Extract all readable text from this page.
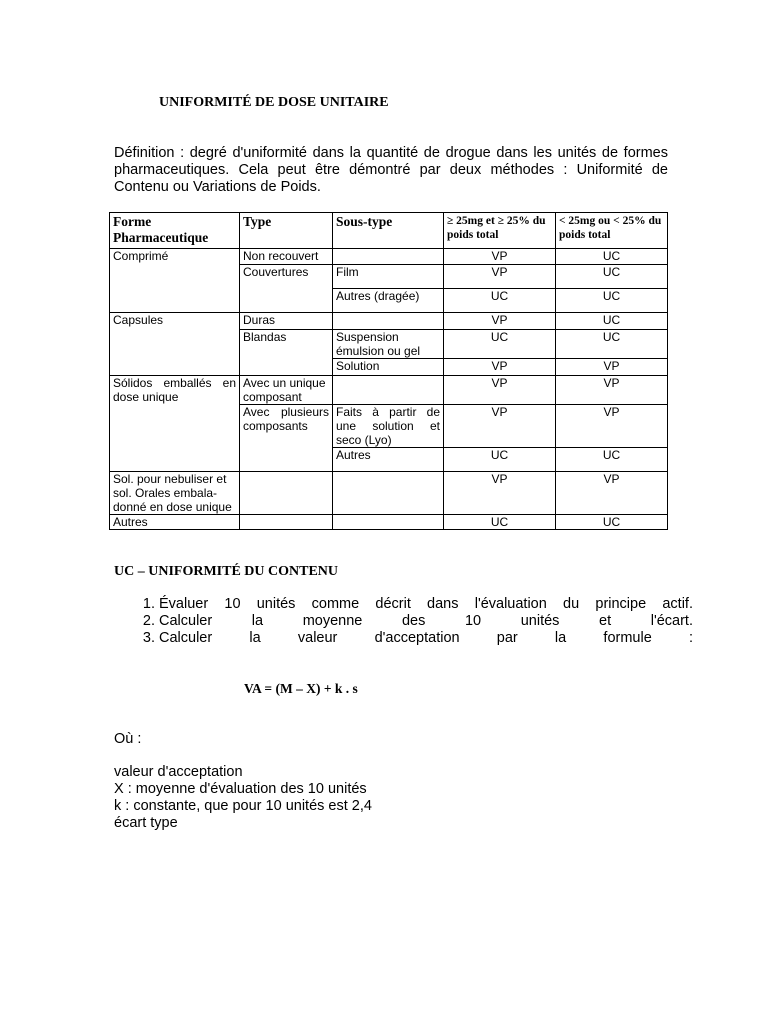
UNIFORMITÉ DE DOSE UNITAIRE
Définition : degré d'uniformité dans la quantité de drogue dans les unités de formes pharmaceutiques. Cela peut être démontré par deux méthodes : Uniformité de Contenu ou Variations de Poids.
Forme Pharmaceutique	Type	Sous-type	≥ 25mg et ≥ 25% du poids total	< 25mg ou < 25% du poids total
Comprimé	Non recouvert		VP	UC
	Couvertures	Film	VP	UC
		Autres (dragée)	UC	UC
Capsules	Duras		VP	UC
	Blandas	Suspension émulsion ou gel	UC	UC
		Solution	VP	VP
Sólidos emballés en dose unique	Avec un unique composant		VP	VP
	Avec plusieurs composants	Faits à partir de une solution et seco (Lyo)	VP	VP
		Autres	UC	UC
Sol. pour nebuliser et sol. Orales embala-donné en dose unique			VP	VP
Autres			UC	UC
UC – UNIFORMITÉ DU CONTENU
1. Évaluer 10 unités comme décrit dans l'évaluation du principe actif.
2. Calculer la moyenne des 10 unités et l'écart.
3. Calculer la valeur d'acceptation par la formule :
VA = (M – X) + k . s
Où :
valeur d'acceptation
X : moyenne d'évaluation des 10 unités
k : constante, que pour 10 unités est 2,4
écart type
